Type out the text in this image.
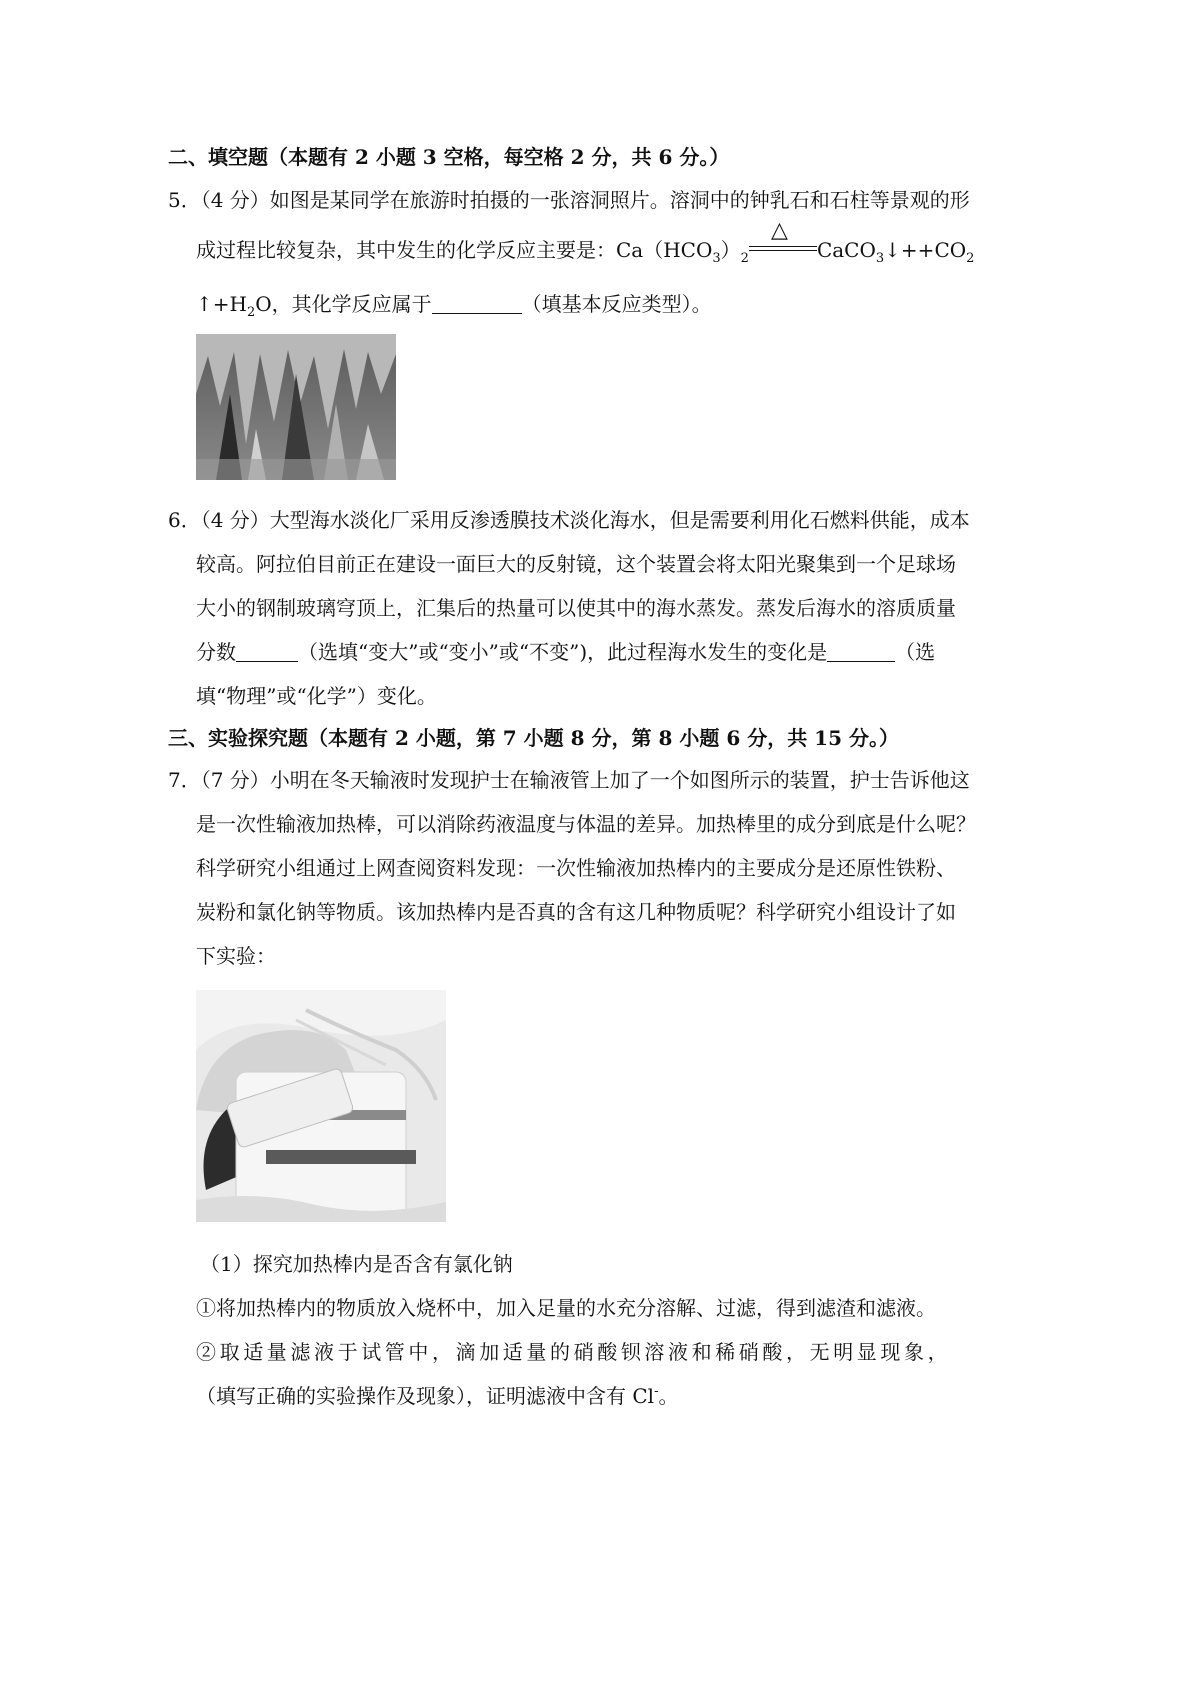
二、填空题（本题有 2 小题 3 空格，每空格 2 分，共 6 分。）
5．（4 分）如图是某同学在旅游时拍摄的一张溶洞照片。溶洞中的钟乳石和石柱等景观的形
成过程比较复杂，其中发生的化学反应主要是：$Ca(HCO_3)_2$
△
$CaCO_3↓++CO_2$
$↑+H_2O$，其化学反应属于	（填基本反应类型）。
6．（4 分）大型海水淡化厂采用反渗透膜技术淡化海水，但是需要利用化石燃料供能，成本
较高。阿拉伯目前正在建设一面巨大的反射镜，这个装置会将太阳光聚集到一个足球场
大小的钢制玻璃穹顶上，汇集后的热量可以使其中的海水蒸发。蒸发后海水的溶质质量
分数	（选填“变大”或“变小”或“不变”)，此过程海水发生的变化是	（选
填“物理”或“化学”）变化。
三、实验探究题（本题有 2 小题，第 7 小题 8 分，第 8 小题 6 分，共 15 分。）
7．（7 分）小明在冬天输液时发现护士在输液管上加了一个如图所示的装置，护士告诉他这
是一次性输液加热棒，可以消除药液温度与体温的差异。加热棒里的成分到底是什么呢？
科学研究小组通过上网查阅资料发现：一次性输液加热棒内的主要成分是还原性铁粉、
炭粉和氯化钠等物质。该加热棒内是否真的含有这几种物质呢？科学研究小组设计了如
下实验：
（1）探究加热棒内是否含有氯化钠
①将加热棒内的物质放入烧杯中，加入足量的水充分溶解、过滤，得到滤渣和滤液。
②取适量滤液于试管中，滴加适量的硝酸钡溶液和稀硝酸，无明显现象，
（填写正确的实验操作及现象），证明滤液中含有 Cl-。
